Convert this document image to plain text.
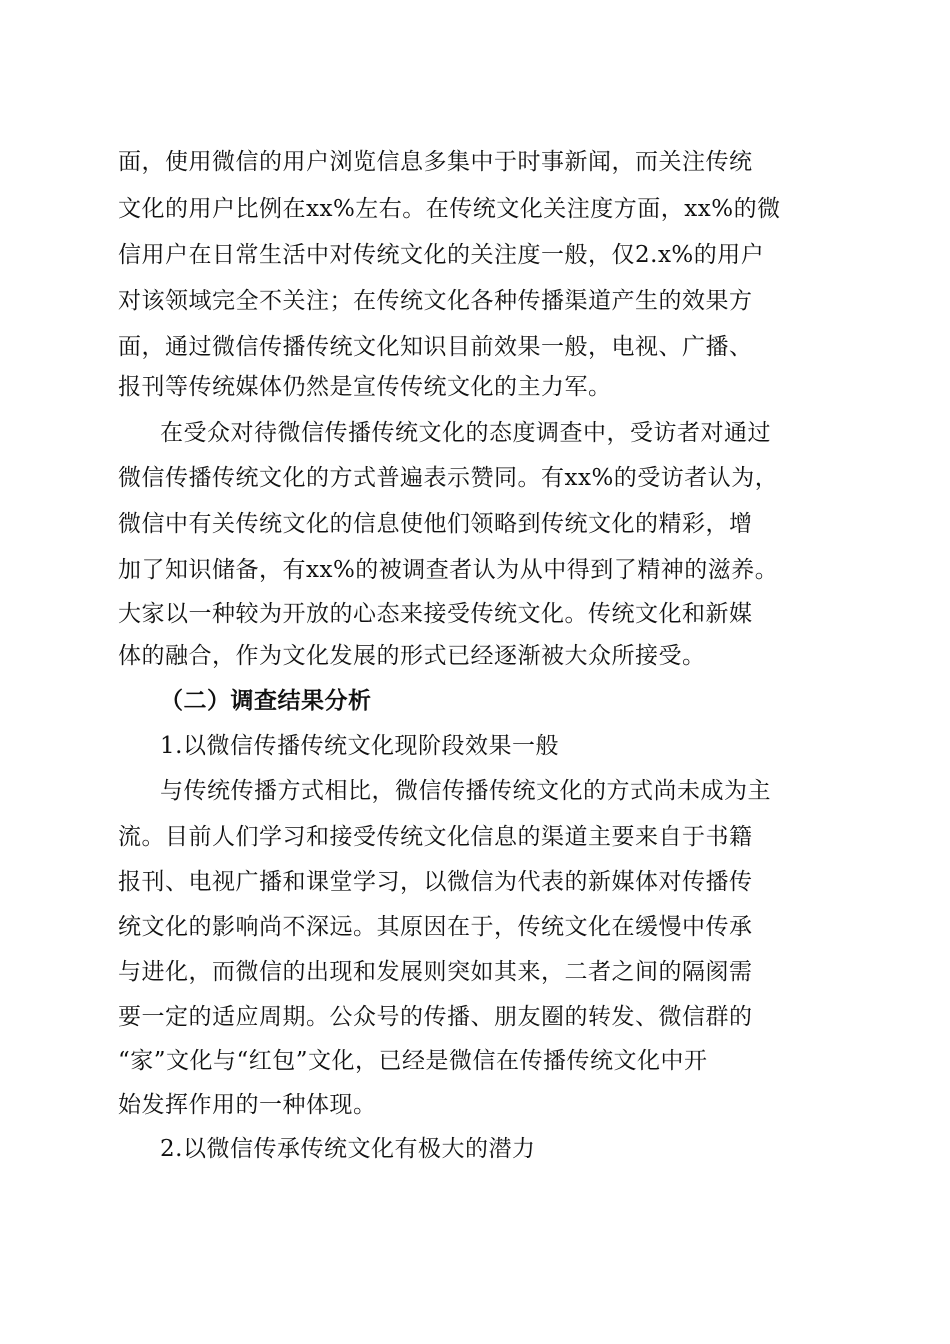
面，使用微信的用户浏览信息多集中于时事新闻，而关注传统
文化的用户比例在xx%左右。在传统文化关注度方面，xx%的微
信用户在日常生活中对传统文化的关注度一般，仅2.x%的用户
对该领域完全不关注；在传统文化各种传播渠道产生的效果方
面，通过微信传播传统文化知识目前效果一般，电视、广播、
报刊等传统媒体仍然是宣传传统文化的主力军。
在受众对待微信传播传统文化的态度调查中，受访者对通过
微信传播传统文化的方式普遍表示赞同。有xx%的受访者认为，
微信中有关传统文化的信息使他们领略到传统文化的精彩，增
加了知识储备，有xx%的被调查者认为从中得到了精神的滋养。
大家以一种较为开放的心态来接受传统文化。传统文化和新媒
体的融合，作为文化发展的形式已经逐渐被大众所接受。
（二）调查结果分析
1.以微信传播传统文化现阶段效果一般
与传统传播方式相比，微信传播传统文化的方式尚未成为主
流。目前人们学习和接受传统文化信息的渠道主要来自于书籍
报刊、电视广播和课堂学习，以微信为代表的新媒体对传播传
统文化的影响尚不深远。其原因在于，传统文化在缓慢中传承
与进化，而微信的出现和发展则突如其来，二者之间的隔阂需
要一定的适应周期。公众号的传播、朋友圈的转发、微信群的
“家”文化与“红包”文化，已经是微信在传播传统文化中开
始发挥作用的一种体现。
2.以微信传承传统文化有极大的潜力
